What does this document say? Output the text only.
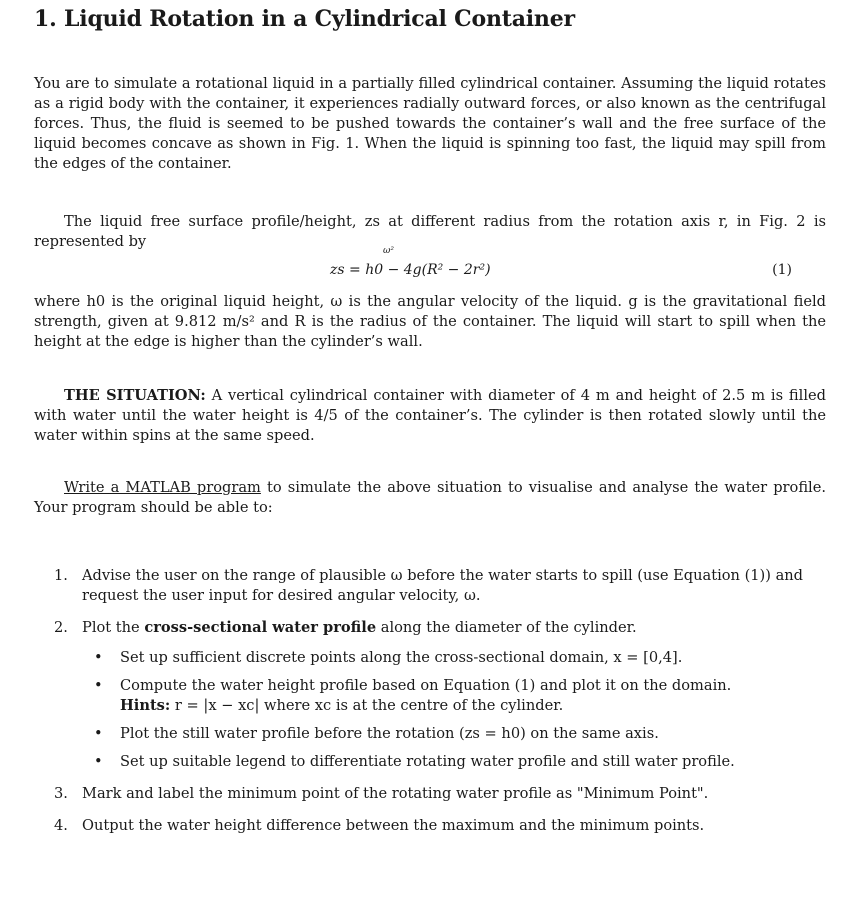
1. Liquid Rotation in a Cylindrical Container

You are to simulate a rotational liquid in a partially filled cylindrical container. Assuming the liquid rotates as a rigid body with the container, it experiences radially outward forces, or also known as the centrifugal forces. Thus, the fluid is seemed to be pushed towards the container’s wall and the free surface of the liquid becomes concave as shown in Fig. 1. When the liquid is spinning too fast, the liquid may spill from the edges of the container.

The liquid free surface profile/height, zs at different radius from the rotation axis r, in Fig. 2 is represented by

ω²
zs = h0 − 4g(R² − 2r²)	(1)

where h0 is the original liquid height, ω is the angular velocity of the liquid. g is the gravitational field strength, given at 9.812 m/s² and R is the radius of the container. The liquid will start to spill when the height at the edge is higher than the cylinder’s wall.

THE SITUATION: A vertical cylindrical container with diameter of 4 m and height of 2.5 m is filled with water until the water height is 4/5 of the container’s. The cylinder is then rotated slowly until the water within spins at the same speed.

Write a MATLAB program to simulate the above situation to visualise and analyse the water profile. Your program should be able to:

1. Advise the user on the range of plausible ω before the water starts to spill (use Equation (1)) and request the user input for desired angular velocity, ω.
2. Plot the cross-sectional water profile along the diameter of the cylinder.
• Set up sufficient discrete points along the cross-sectional domain, x = [0,4].
• Compute the water height profile based on Equation (1) and plot it on the domain.
Hints: r = |x − xc| where xc is at the centre of the cylinder.
• Plot the still water profile before the rotation (zs = h0) on the same axis.
• Set up suitable legend to differentiate rotating water profile and still water profile.
3. Mark and label the minimum point of the rotating water profile as "Minimum Point".
4. Output the water height difference between the maximum and the minimum points.
